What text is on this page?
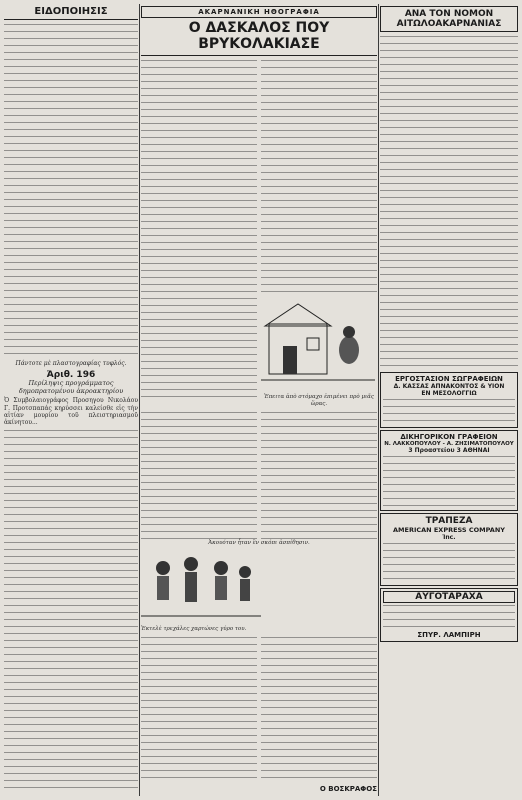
ΕΙΔΟΠΟΙΗΣΙΣ
Πάντοτε μὲ πλαστογραφίας τυφλός.
Ἀριθ. 196
Περίληψις προγράμματος δημοπρατομένου ἀκροακτηρίου
Ὁ Συμβολαιογράφος Προσηγου Νικολάου Γ. Προτσπαπάς κηρύσσει καλείσθε εἰς τὴν αἰτίαν μουρίου τοῦ πλειστηριασμοῦ ἀκίνητου...
ΑΚΑΡΝΑΝΙΚΗ ΗΘΟΓΡΑΦΙΑ
Ο ΔΑΣΚΑΛΟΣ ΠΟΥ ΒΡΥΚΟΛΑΚΙΑΣΕ
Ἐπειτα ἀπὸ στόμαχο ἐπιμένει πρὸ μιᾶς ὥρας.
Ἀκουόταν ἦταν ἓν σκόπι ἀσπίθησιν.
Ἐκτελὲ τρεχάλες χαρτώνες γύρο του.
Ο ΒΟΣΚΡΑΦΟΣ
ΑΝΑ ΤΟΝ ΝΟΜΟΝ ΑΙΤΩΛΟΑΚΑΡΝΑΝΙΑΣ
ΕΡΓΟΣΤΑΣΙΟΝ ΣΩΓΡΑΦΕΙΩΝ
Δ. ΚΑΣΣΑΣ ΑΠΝΑΚΟΝΤΟΣ & ΥΙΟΝ
ΕΝ ΜΕΣΟΛΟΓΓΙΩ
ΔΙΚΗΓΟΡΙΚΟΝ ΓΡΑΦΕΙΟΝ
Ν. ΛΑΚΚΟΠΟΥΛΟΥ - Α. ΖΗΣΙΜΑΤΟΠΟΥΛΟΥ
3 Προαστείου 3 ΑΘΗΝΑΙ
ΤΡΑΠΕΖΑ
AMERICAN EXPRESS COMPANY
Ἰnc.
ΑΥΓΟΤΑΡΑΧΑ
ΣΠΥΡ. ΛΑΜΠΙΡΗ
